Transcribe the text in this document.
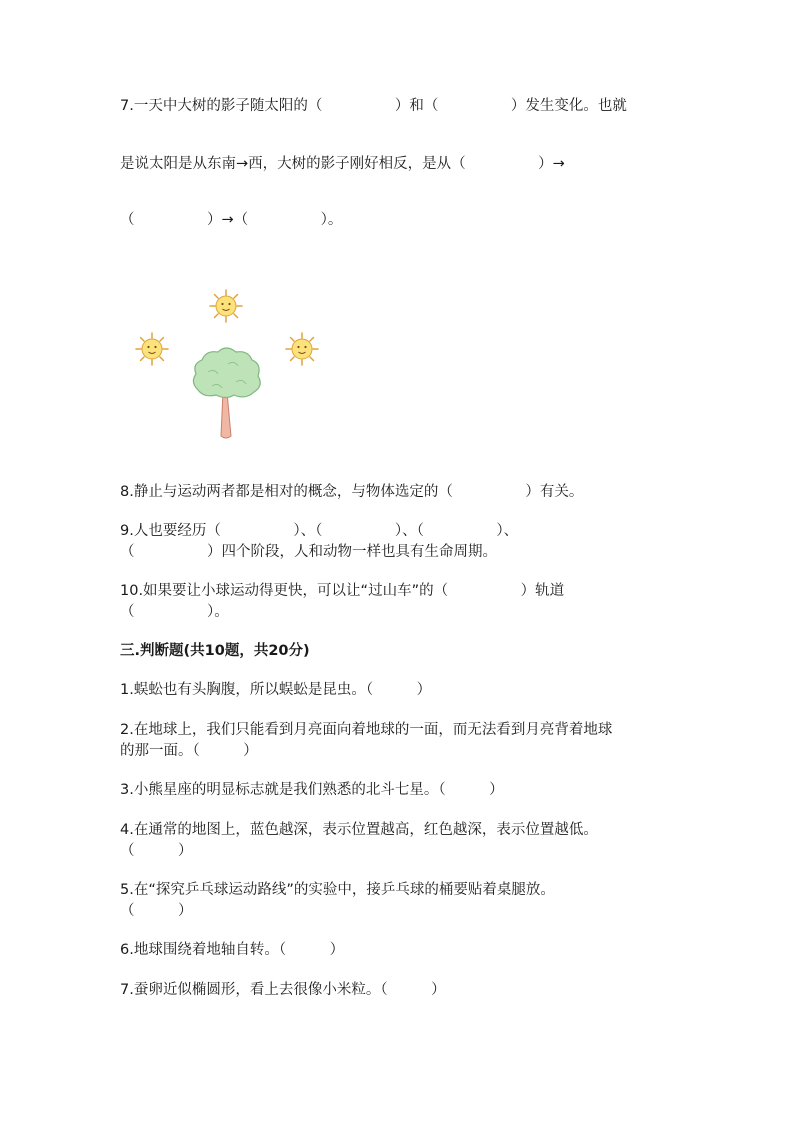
7.一天中大树的影子随太阳的（　　　　　）和（　　　　　）发生变化。也就
是说太阳是从东南→西，大树的影子刚好相反，是从（　　　　　）→
（　　　　　）→（　　　　　）。
8.静止与运动两者都是相对的概念，与物体选定的（　　　　　）有关。
9.人也要经历（　　　　　）、（　　　　　）、（　　　　　）、
（　　　　　）四个阶段，人和动物一样也具有生命周期。
10.如果要让小球运动得更快，可以让“过山车”的（　　　　　）轨道
（　　　　　）。
三.判断题(共10题，共20分)
1.蜈蚣也有头胸腹，所以蜈蚣是昆虫。（　　　）
2.在地球上，我们只能看到月亮面向着地球的一面，而无法看到月亮背着地球
的那一面。（　　　）
3.小熊星座的明显标志就是我们熟悉的北斗七星。（　　　）
4.在通常的地图上，蓝色越深，表示位置越高，红色越深，表示位置越低。
（　　　）
5.在“探究乒乓球运动路线”的实验中，接乒乓球的桶要贴着桌腿放。
（　　　）
6.地球围绕着地轴自转。（　　　）
7.蚕卵近似椭圆形，看上去很像小米粒。（　　　）
